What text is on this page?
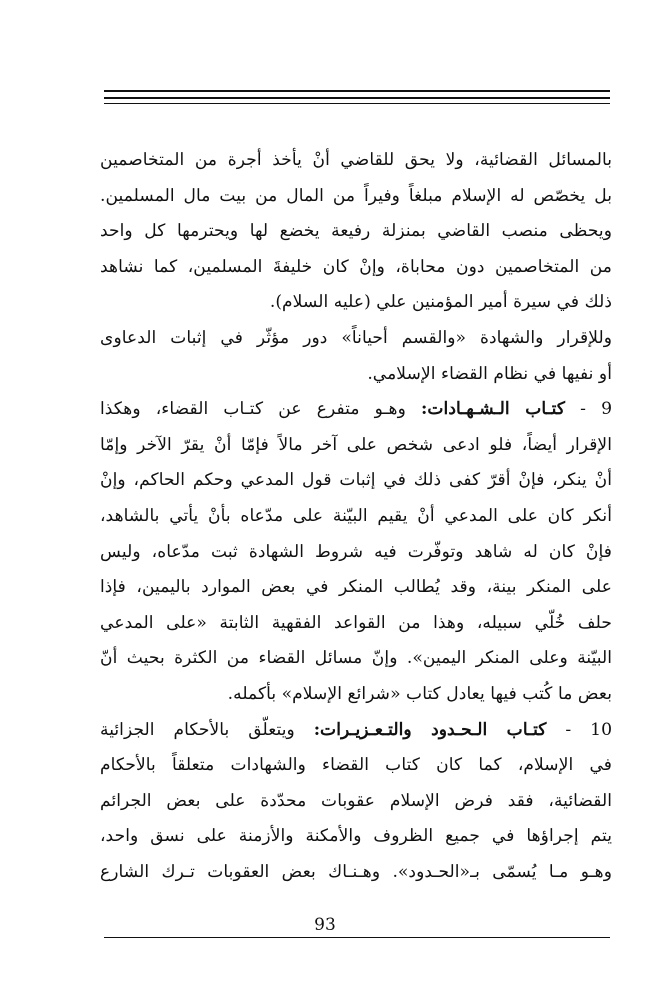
بالمسائل القضائية، ولا يحق للقاضي أنْ يأخذ أجرة من المتخاصمين
بل يخصّص له الإسلام مبلغاً وفيراً من المال من بيت مال المسلمين.
ويحظى منصب القاضي بمنزلة رفيعة يخضع لها ويحترمها كل واحد
من المتخاصمين دون محاباة، وإنْ كان خليفةَ المسلمين، كما نشاهد
ذلك في سيرة أمير المؤمنين علي (عليه السلام).
وللإقرار والشهادة «والقسم أحياناً» دور مؤثّر في إثبات الدعاوى
أو نفيها في نظام القضاء الإسلامي.
9 - كتـاب الـشـهـادات: وهـو متفرع عن كتـاب القضاء، وهكذا
الإقرار أيضاً، فلو ادعى شخص على آخر مالاً فإمّا أنْ يقرّ الآخر وإمّا
أنْ ينكر، فإنْ أقرّ كفى ذلك في إثبات قول المدعي وحكم الحاكم، وإنْ
أنكر كان على المدعي أنْ يقيم البيّنة على مدّعاه بأنْ يأتي بالشاهد،
فإنْ كان له شاهد وتوفّرت فيه شروط الشهادة ثبت مدّعاه، وليس
على المنكر بينة، وقد يُطالب المنكر في بعض الموارد باليمين، فإذا
حلف خُلّي سبيله، وهذا من القواعد الفقهية الثابتة «على المدعي
البيّنة وعلى المنكر اليمين». وإنّ مسائل القضاء من الكثرة بحيث أنّ
بعض ما كُتب فيها يعادل كتاب «شرائع الإسلام» بأكمله.
10 - كتـاب الـحـدود والتـعـزيـرات: ويتعلّق بالأحكام الجزائية
في الإسلام، كما كان كتاب القضاء والشهادات متعلقاً بالأحكام
القضائية، فقد فرض الإسلام عقوبات محدّدة على بعض الجرائم
يتم إجراؤها في جميع الظروف والأمكنة والأزمنة على نسق واحد،
وهـو مـا يُسمّى بـ«الحـدود». وهـنـاك بعض العقوبات تـرك الشارع
93
